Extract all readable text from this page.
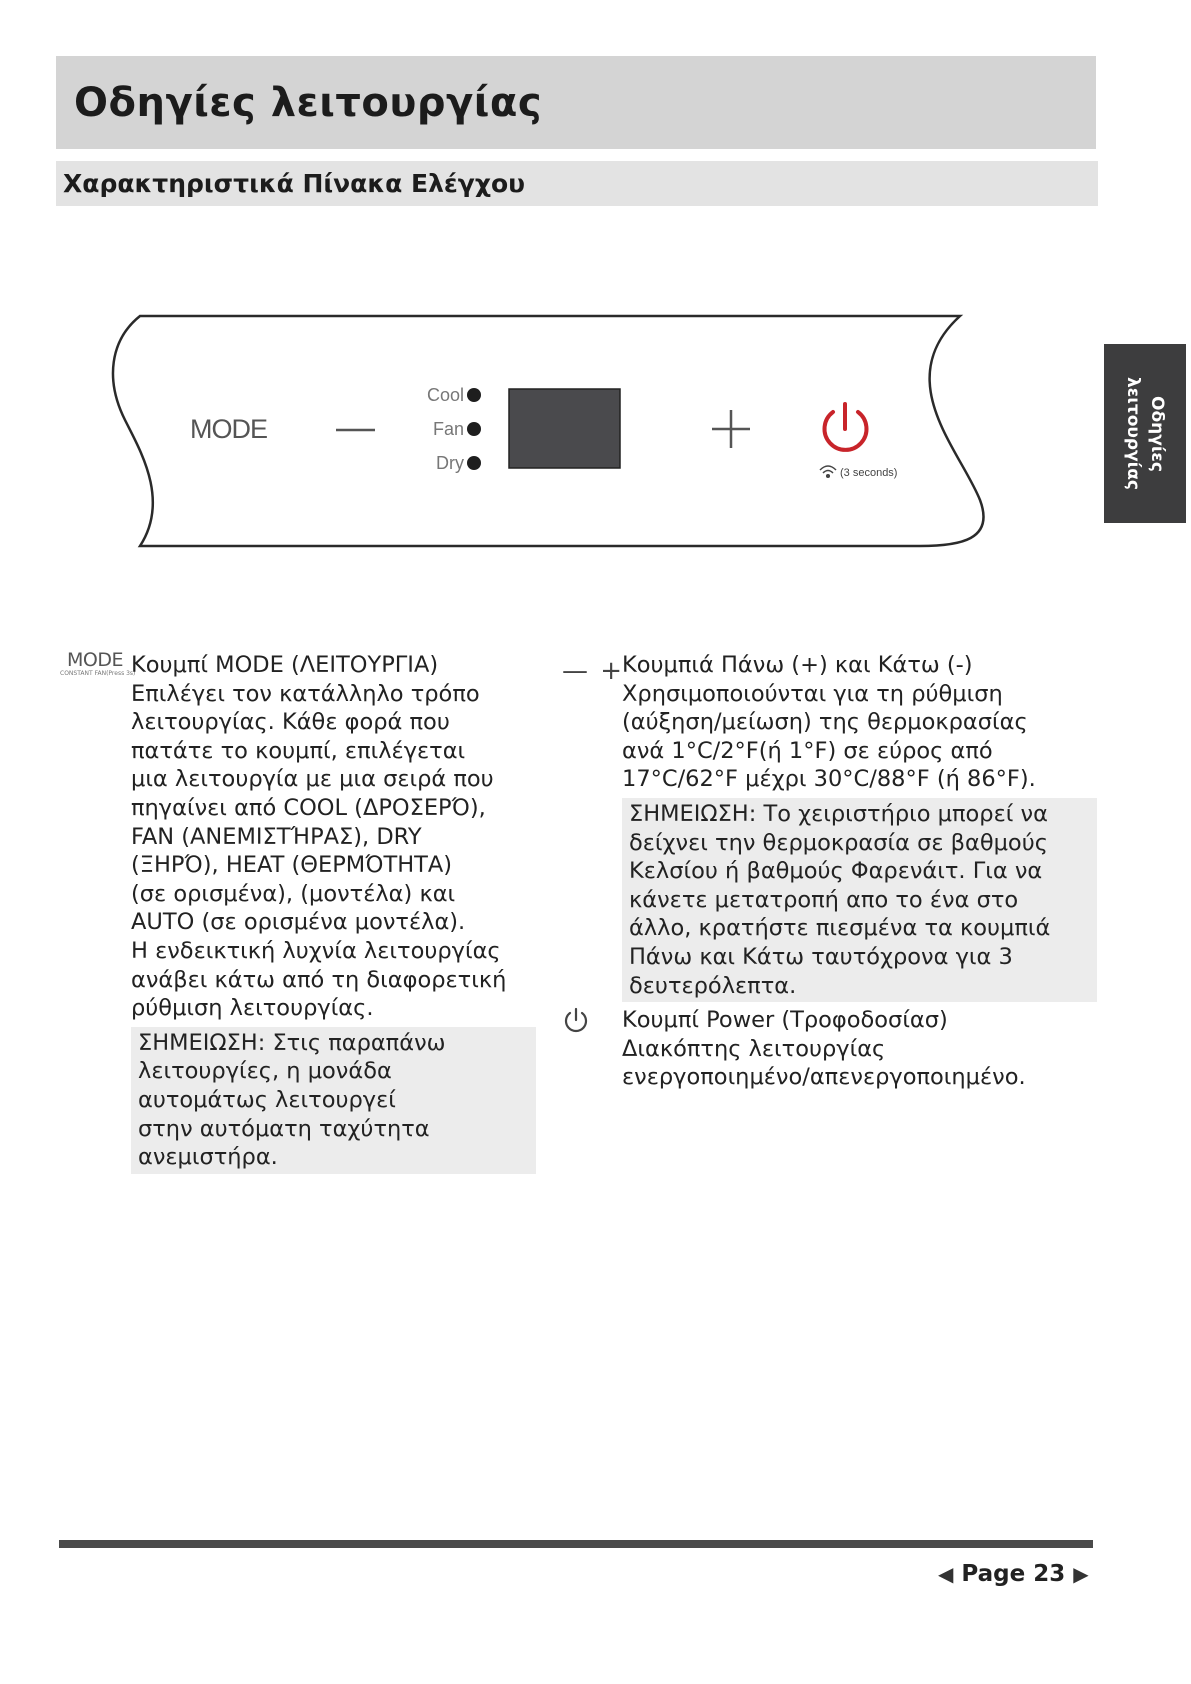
Οδηγίες λειτουργίας
Χαρακτηριστικά Πίνακα Ελέγχου
Οδηγίες
λειτουργίας
MODE
Cool
Fan
Dry	(3 seconds)
MODE
CONSTANT FAN(Press 3s)

Κουμπί MODE (ΛΕΙΤΟΥΡΓΙΑ)

Επιλέγει τον κατάλληλο τρόπο

λειτουργίας. Κάθε φορά που

πατάτε το κουμπί, επιλέγεται

μια λειτουργία με μια σειρά που

πηγαίνει από COOL (ΔΡΟΣΕΡΌ),

FAN (ΑΝΕΜΙΣΤΉΡΑΣ), DRY

(ΞΗΡΌ), HEAT (ΘΕΡΜΌΤΗΤΑ)

(σε ορισμένα), (μοντέλα) και

AUTO (σε ορισμένα μοντέλα).

Η ενδεικτική λυχνία λειτουργίας

ανάβει κάτω από τη διαφορετική

ρύθμιση λειτουργίας.

ΣΗΜΕΙΩΣΗ: Στις παραπάνω

λειτουργίες, η μονάδα

αυτομάτως λειτουργεί

στην αυτόματη ταχύτητα

ανεμιστήρα.

— +

Κουμπιά Πάνω (+) και Κάτω (-)

Χρησιμοποιούνται για τη ρύθμιση

(αύξηση/μείωση) της θερμοκρασίας

ανά 1°C/2°F(ή 1°F) σε εύρος από

17°C/62°F μέχρι 30°C/88°F (ή 86°F).

ΣΗΜΕΙΩΣΗ: Το χειριστήριο μπορεί να

δείχνει την θερμοκρασία σε βαθμούς

Κελσίου ή βαθμούς Φαρενάιτ. Για να

κάνετε μετατροπή απο το ένα στο

άλλο, κρατήστε πιεσμένα τα κουμπιά

Πάνω και Κάτω ταυτόχρονα για 3

δευτερόλεπτα.

Κουμπί Power (Τροφοδοσίασ)

Διακόπτης λειτουργίας

ενεργοποιημένο/απενεργοποιημένο.

◀ Page 23 ▶
